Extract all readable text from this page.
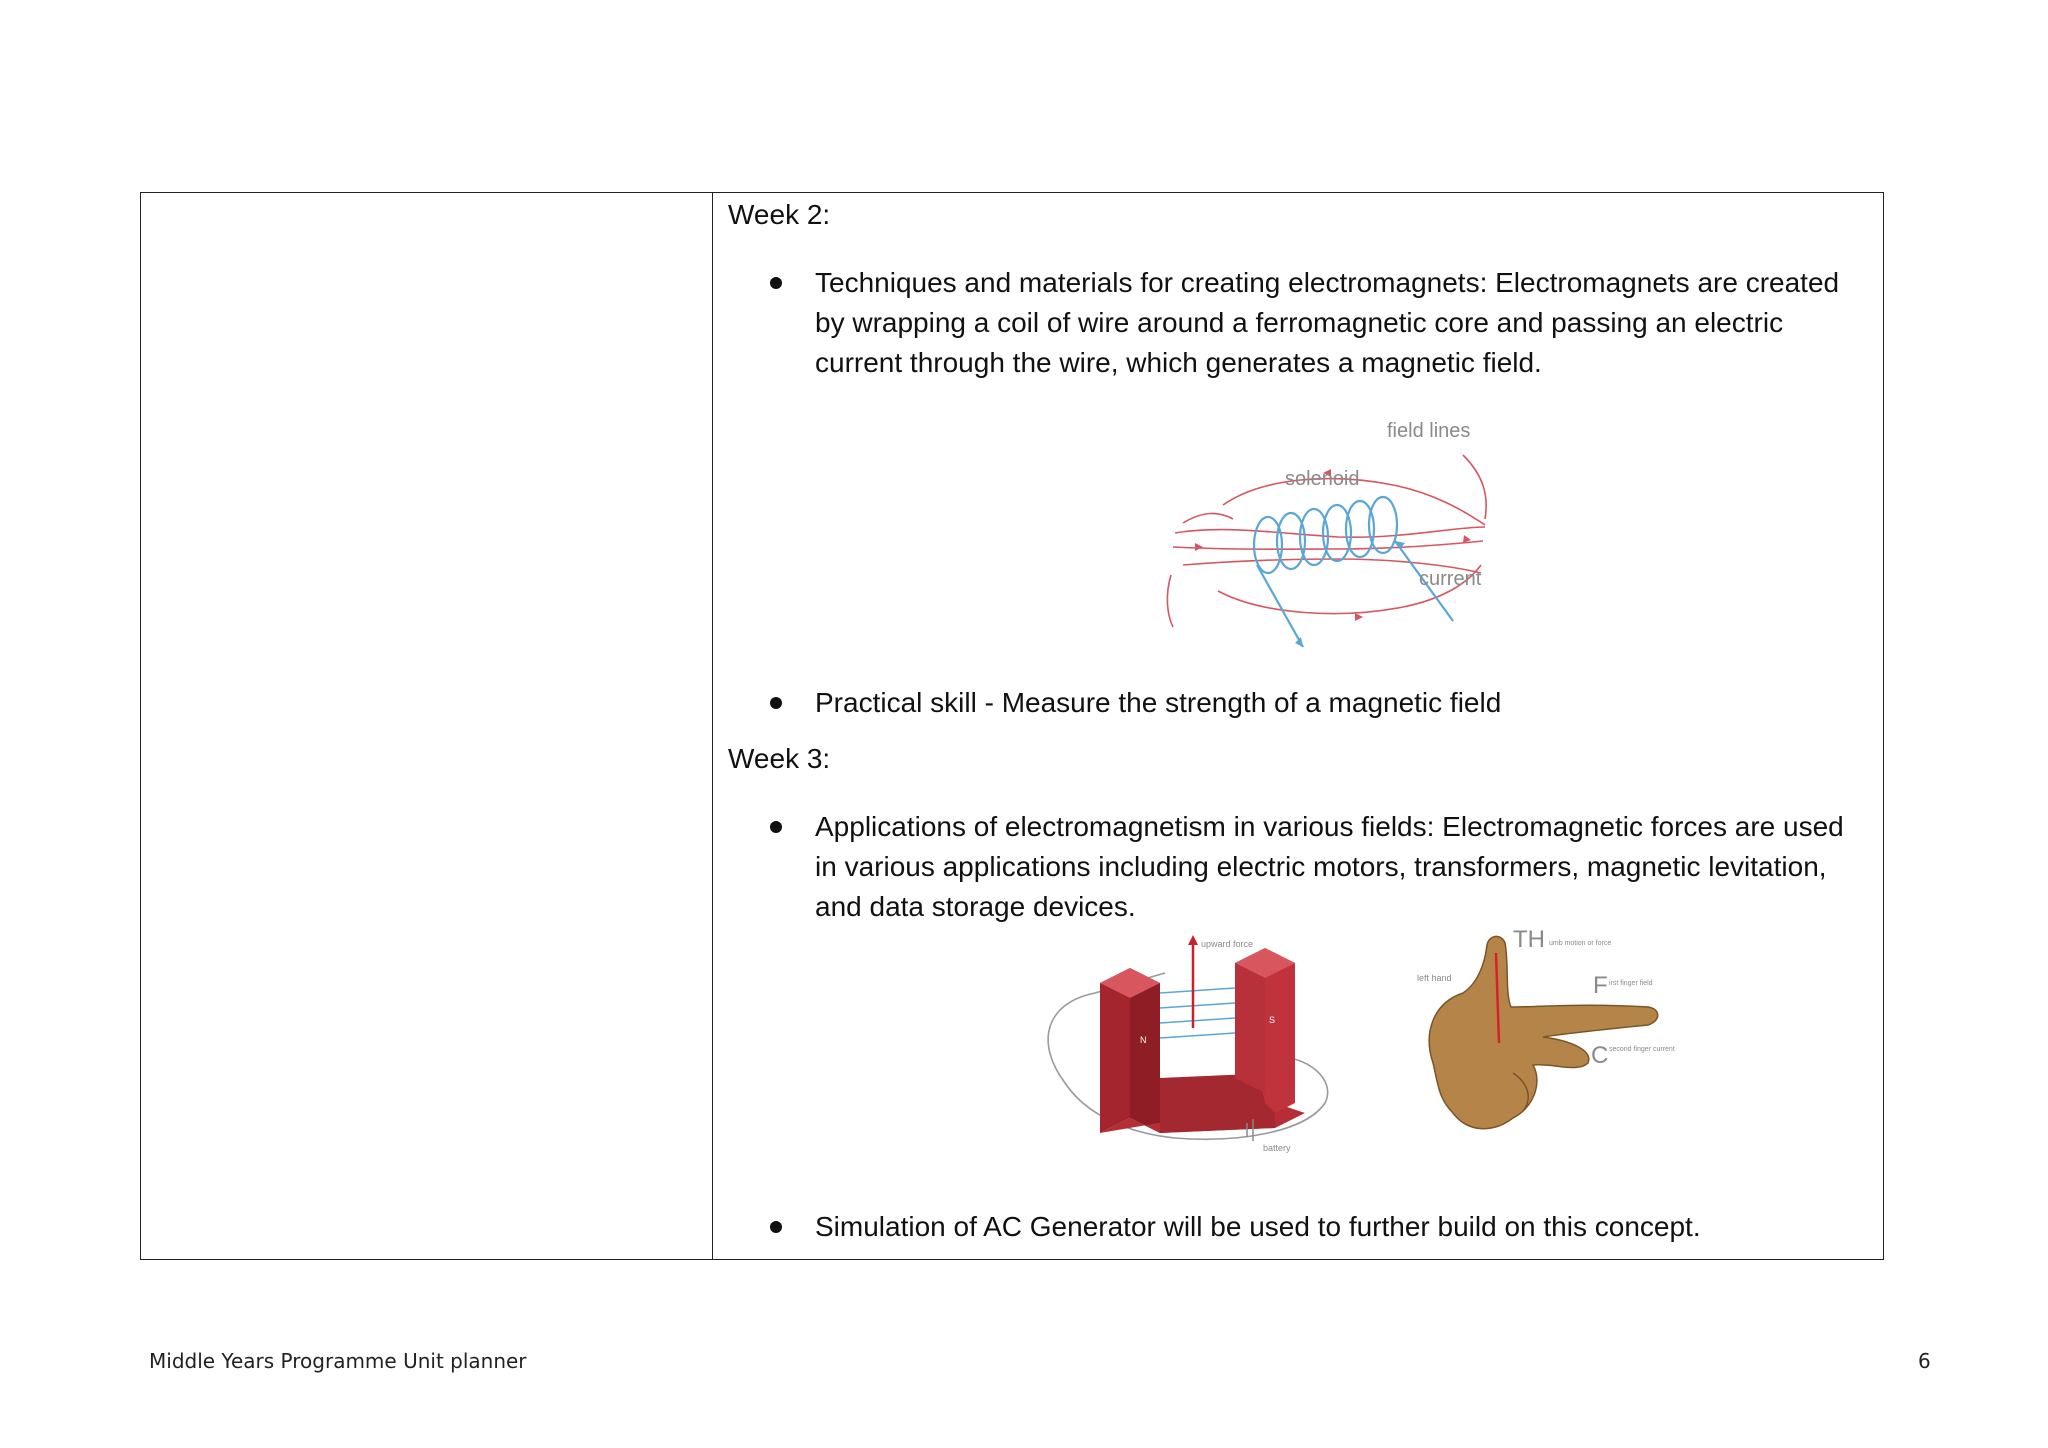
Week 2:
Techniques and materials for creating electromagnets: Electromagnets are created by wrapping a coil of wire around a ferromagnetic core and passing an electric current through the wire, which generates a magnetic field.
field lines
solenoid
current
Practical skill - Measure the strength of a magnetic field
Week 3:
Applications of electromagnetism in various fields: Electromagnetic forces are used in various applications including electric motors, transformers, magnetic levitation, and data storage devices.
upward force
N
S
battery
left hand
TH umb motion or force
F irst finger field
C second finger current
Simulation of AC Generator will be used to further build on this concept.
Middle Years Programme Unit planner	6
